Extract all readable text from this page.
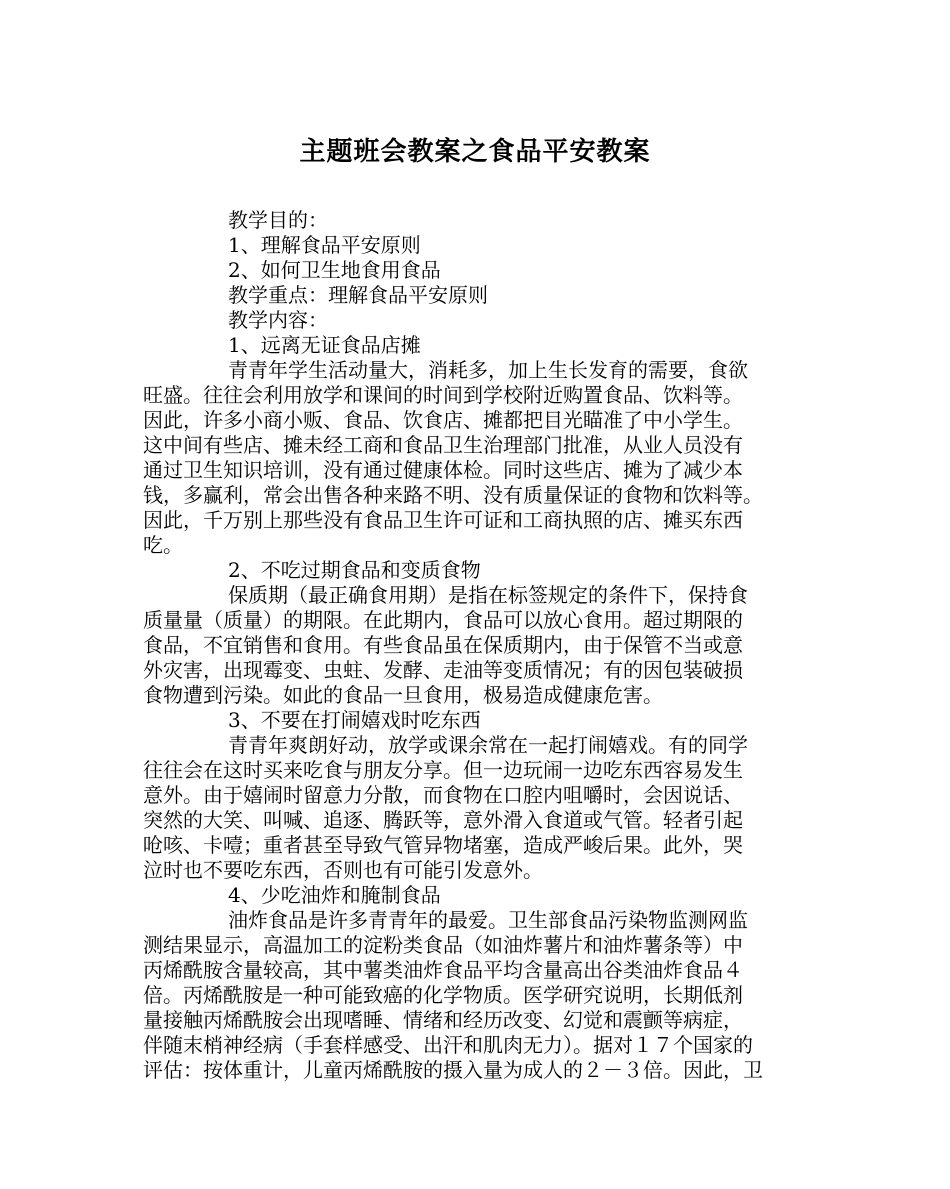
主题班会教案之食品平安教案
教学目的：
1、理解食品平安原则
2、如何卫生地食用食品
教学重点：理解食品平安原则
教学内容：
1、远离无证食品店摊
青青年学生活动量大，消耗多，加上生长发育的需要，食欲
旺盛。往往会利用放学和课间的时间到学校附近购置食品、饮料等。
因此，许多小商小贩、食品、饮食店、摊都把目光瞄准了中小学生。
这中间有些店、摊未经工商和食品卫生治理部门批准，从业人员没有
通过卫生知识培训，没有通过健康体检。同时这些店、摊为了减少本
钱，多赢利，常会出售各种来路不明、没有质量保证的食物和饮料等。
因此，千万别上那些没有食品卫生许可证和工商执照的店、摊买东西
吃。
2、不吃过期食品和变质食物
保质期（最正确食用期）是指在标签规定的条件下，保持食
质量量（质量）的期限。在此期内，食品可以放心食用。超过期限的
食品，不宜销售和食用。有些食品虽在保质期内，由于保管不当或意
外灾害，出现霉变、虫蛀、发酵、走油等变质情况；有的因包装破损
食物遭到污染。如此的食品一旦食用，极易造成健康危害。
3、不要在打闹嬉戏时吃东西
青青年爽朗好动，放学或课余常在一起打闹嬉戏。有的同学
往往会在这时买来吃食与朋友分享。但一边玩闹一边吃东西容易发生
意外。由于嬉闹时留意力分散，而食物在口腔内咀嚼时，会因说话、
突然的大笑、叫喊、追逐、腾跃等，意外滑入食道或气管。轻者引起
呛咳、卡噎；重者甚至导致气管异物堵塞，造成严峻后果。此外，哭
泣时也不要吃东西，否则也有可能引发意外。
4、少吃油炸和腌制食品
油炸食品是许多青青年的最爱。卫生部食品污染物监测网监
测结果显示，高温加工的淀粉类食品（如油炸薯片和油炸薯条等）中
丙烯酰胺含量较高，其中薯类油炸食品平均含量高出谷类油炸食品４
倍。丙烯酰胺是一种可能致癌的化学物质。医学研究说明，长期低剂
量接触丙烯酰胺会出现嗜睡、情绪和经历改变、幻觉和震颤等病症，
伴随末梢神经病（手套样感受、出汗和肌肉无力）。据对１７个国家的
评估：按体重计，儿童丙烯酰胺的摄入量为成人的２－３倍。因此，卫
